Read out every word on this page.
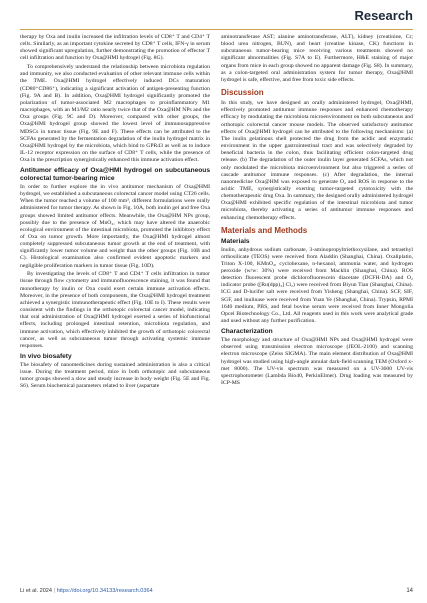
Research

therapy by Oxa and inulin increased the infiltration levels of CD8⁺ T and CD4⁺ T cells. Similarly, as an important cytokine secreted by CD8⁺ T cells, IFN-γ in serum showed significant upregulation, further demonstrating the promotion of effector T cell infiltration and function by Oxa@HMI hydrogel (Fig. 8G).

To comprehensively understand the relationship between microbiota regulation and immunity, we also conducted evaluation of other relevant immune cells within the TME. Oxa@HMI hydrogel effectively induced DCs maturation (CD80⁺CD86⁺), indicating a significant activation of antigen-presenting function (Fig. 9A and B). In addition, Oxa@HMI hydrogel significantly promoted the polarization of tumor-associated M2 macrophages to proinflammatory M1 macrophages, with an M1/M2 ratio nearly twice that of the Oxa@HM NPs and the Oxa groups (Fig. 9C and D). Moreover, compared with other groups, the Oxa@HMI hydrogel group showed the lowest level of immunosuppressive MDSCs in tumor tissue (Fig. 9E and F). These effects can be attributed to the SCFAs generated by the fermentation degradation of the inulin hydrogel matrix in Oxa@HMI hydrogel by the microbiota, which bind to GPR43 as well as to induce IL-12 receptor expression on the surface of CD8⁺ T cells, while the presence of Oxa in the prescription synergistically enhanced this immune activation effect.

Antitumor efficacy of Oxa@HMI hydrogel on subcutaneous colorectal tumor-bearing mice

In order to further explore the in vivo antitumor mechanism of Oxa@HMI hydrogel, we established a subcutaneous colorectal cancer model using CT26 cells. When the tumor reached a volume of 100 mm³, different formulations were orally administered for tumor therapy. As shown in Fig. 10A, both inulin gel and free Oxa groups showed limited antitumor effects. Meanwhile, the Oxa@HM NPs group, possibly due to the presence of MnO₂, which may have altered the anaerobic ecological environment of the intestinal microbiota, promoted the inhibitory effect of Oxa on tumor growth. More importantly, the Oxa@HMI hydrogel almost completely suppressed subcutaneous tumor growth at the end of treatment, with significantly lower tumor volume and weight than the other groups (Fig. 10B and C). Histological examination also confirmed evident apoptotic markers and negligible proliferation markers in tumor tissue (Fig. 10D).

By investigating the levels of CD8⁺ T and CD4⁺ T cells infiltration in tumor tissue through flow cytometry and immunofluorescence staining, it was found that monotherapy by inulin or Oxa could exert certain immune activation effects. Moreover, in the presence of both components, the Oxa@HMI hydrogel treatment achieved a synergistic immunotherapeutic effect (Fig. 10E to I). These results were consistent with the findings in the orthotopic colorectal cancer model, indicating that oral administration of Oxa@HMI hydrogel exerted a series of biofunctional effects, including prolonged intestinal retention, microbiota regulation, and immune activation, which effectively inhibited the growth of orthotopic colorectal cancer, as well as subcutaneous tumor through activating systemic immune responses.

In vivo biosafety

The biosafety of nanomedicines during sustained administration is also a critical issue. During the treatment period, mice in both orthotopic and subcutaneous tumor groups showed a slow and steady increase in body weight (Fig. 5E and Fig. S6). Serum biochemical parameters related to liver (aspartate

aminotransferase AST; alanine aminotransferase, ALT), kidney (creatinine, Cr; blood urea nitrogen, BUN), and heart (creatine kinase, CK) functions in subcutaneous tumor-bearing mice receiving various treatments showed no significant abnormalities (Fig. S7A to E). Furthermore, H&E staining of major organs from mice in each group showed no apparent damage (Fig. S8). In summary, as a colon-targeted oral administration system for tumor therapy, Oxa@HMI hydrogel is safe, effective, and free from toxic side effects.

Discussion

In this study, we have designed an orally administered hydrogel, Oxa@HMI, effectively promoted antitumor immune responses and enhanced chemotherapy efficacy by modulating the microbiota microenvironment on both subcutaneous and orthotopic colorectal cancer mouse models. The observed satisfactory antitumor effects of Oxa@HMI hydrogel can be attributed to the following mechanisms: (a) The inulin gelatinous shell protected the drug from the acidic and enzymatic environment in the upper gastrointestinal tract and was selectively degraded by beneficial bacteria in the colon, thus facilitating efficient colon-targeted drug release. (b) The degradation of the outer inulin layer generated SCFAs, which not only modulated the microbiota microenvironment but also triggered a series of cascade antitumor immune responses. (c) After degradation, the internal nanomedicine Oxa@HM was exposed to generate O₂ and ROS in response to the acidic TME, synergistically exerting tumor-targeted cytotoxicity with the chemotherapeutic drug Oxa. In summary, the designed orally administered hydrogel Oxa@HMI exhibited specific regulation of the intestinal microbiota and tumor microbiota, thereby activating a series of antitumor immune responses and enhancing chemotherapy effects.

Materials and Methods
Materials

Inulin, anhydrous sodium carbonate, 3-aminopropyltriethoxysilane, and tetraethyl orthosilicate (TEOS) were received from Aladdin (Shanghai, China). Oxaliplatin, Triton X-100, KMnO₄, cyclohexane, n-hexanol, ammonia water, and hydrogen peroxide (w/w: 30%) were received from Macklin (Shanghai, China). ROS detection fluorescent probe dichlorofluorescein diacetate (DCFH-DA) and O₂ indicator probe ([Ru(dpp)₃] Cl₂) were received from Biyun Tian (Shanghai, China). ICG and D-lucifer salt were received from Yisheng (Shanghai, China). SCF, SIF, SGF, and inulinase were received from Yuan Ye (Shanghai, China). Trypsin, RPMI 1640 medium, PBS, and fetal bovine serum were received from Inner Mongolia Opcel Biotechnology Co., Ltd. All reagents used in this work were analytical grade and used without any further purification.

Characterization

The morphology and structure of Oxa@HMI NPs and Oxa@HMI hydrogel were observed using transmission electron microscope (JEOL-2100) and scanning electron microscope (Zeiss SIGMA). The main element distribution of Oxa@HMI hydrogel was studied using high-angle annular dark-field scanning TEM (Oxford x-met 8000). The UV-vis spectrum was measured on a UV-3600 UV-vis spectrophotometer (Lambda Bio40, PerkinElmer). Drug loading was measured by ICP-MS

Li et al. 2024 | https://doi.org/10.34133/research.0364	14
